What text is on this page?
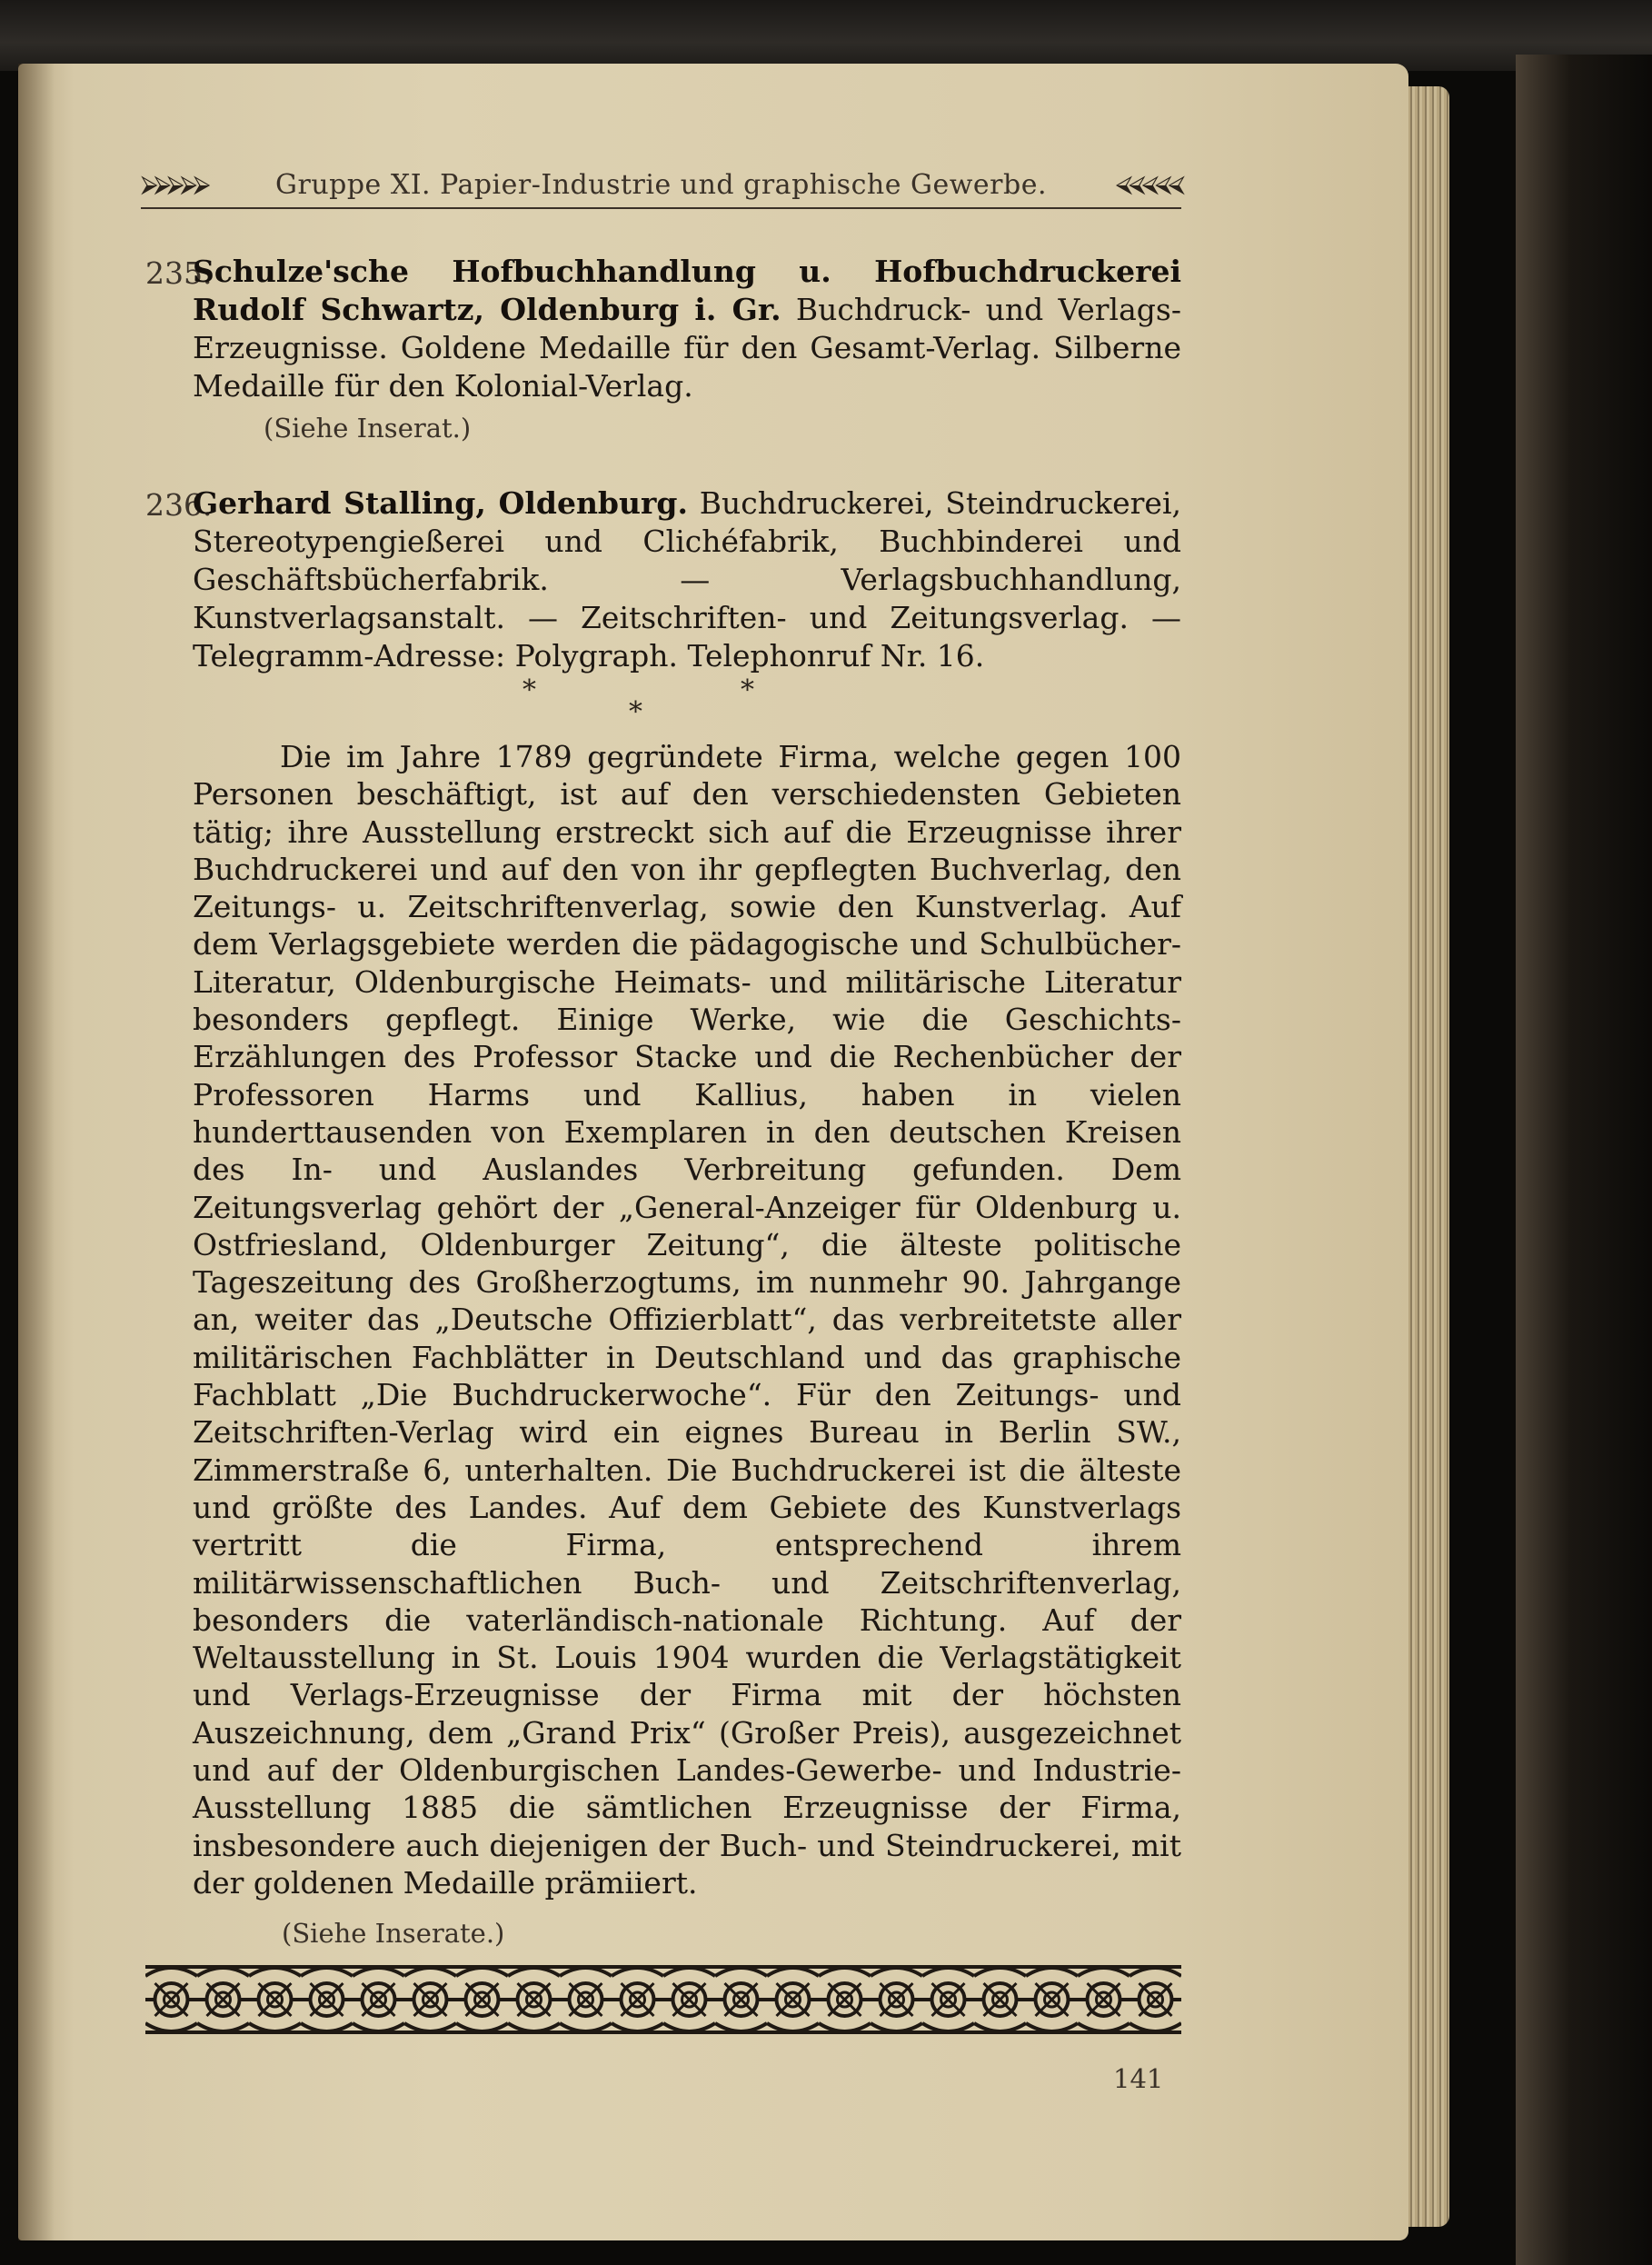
⮚⮚⮚⮚⮚	Gruppe XI. Papier-Industrie und graphische Gewerbe.	⮘⮘⮘⮘⮘
235.
Schulze'sche Hofbuchhandlung u. Hofbuchdruckerei Rudolf Schwartz, Oldenburg i. Gr. Buchdruck- und Verlags-Erzeugnisse. Goldene Medaille für den Gesamt-Verlag. Silberne Medaille für den Kolonial-Verlag.
(Siehe Inserat.)
236.
Gerhard Stalling, Oldenburg. Buchdruckerei, Steindruckerei, Stereotypengießerei und Clichéfabrik, Buchbinderei und Geschäftsbücherfabrik. — Verlagsbuchhandlung, Kunstverlagsanstalt. — Zeitschriften- und Zeitungsverlag. — Telegramm-Adresse: Polygraph. Telephonruf Nr. 16.
*
*
*

Die im Jahre 1789 gegründete Firma, welche gegen 100 Personen beschäftigt, ist auf den verschiedensten Gebieten tätig; ihre Ausstellung erstreckt sich auf die Erzeugnisse ihrer Buchdruckerei und auf den von ihr gepflegten Buchverlag, den Zeitungs- u. Zeitschriftenverlag, sowie den Kunstverlag. Auf dem Verlagsgebiete werden die pädagogische und Schulbücher-Literatur, Oldenburgische Heimats- und militärische Literatur besonders gepflegt. Einige Werke, wie die Geschichts-Erzählungen des Professor Stacke und die Rechenbücher der Professoren Harms und Kallius, haben in vielen hunderttausenden von Exemplaren in den deutschen Kreisen des In- und Auslandes Verbreitung gefunden. Dem Zeitungsverlag gehört der „General-Anzeiger für Oldenburg u. Ostfriesland, Oldenburger Zeitung“, die älteste politische Tageszeitung des Großherzogtums, im nunmehr 90. Jahrgange an, weiter das „Deutsche Offizierblatt“, das verbreitetste aller militärischen Fachblätter in Deutschland und das graphische Fachblatt „Die Buchdruckerwoche“. Für den Zeitungs- und Zeitschriften-Verlag wird ein eignes Bureau in Berlin SW., Zimmerstraße 6, unterhalten. Die Buchdruckerei ist die älteste und größte des Landes. Auf dem Gebiete des Kunstverlags vertritt die Firma, entsprechend ihrem militärwissenschaftlichen Buch- und Zeitschriftenverlag, besonders die vaterländisch-nationale Richtung. Auf der Weltausstellung in St. Louis 1904 wurden die Verlagstätigkeit und Verlags-Erzeugnisse der Firma mit der höchsten Auszeichnung, dem „Grand Prix“ (Großer Preis), ausgezeichnet und auf der Oldenburgischen Landes-Gewerbe- und Industrie-Ausstellung 1885 die sämtlichen Erzeugnisse der Firma, insbesondere auch diejenigen der Buch- und Steindruckerei, mit der goldenen Medaille prämiiert.

(Siehe Inserate.)
141
